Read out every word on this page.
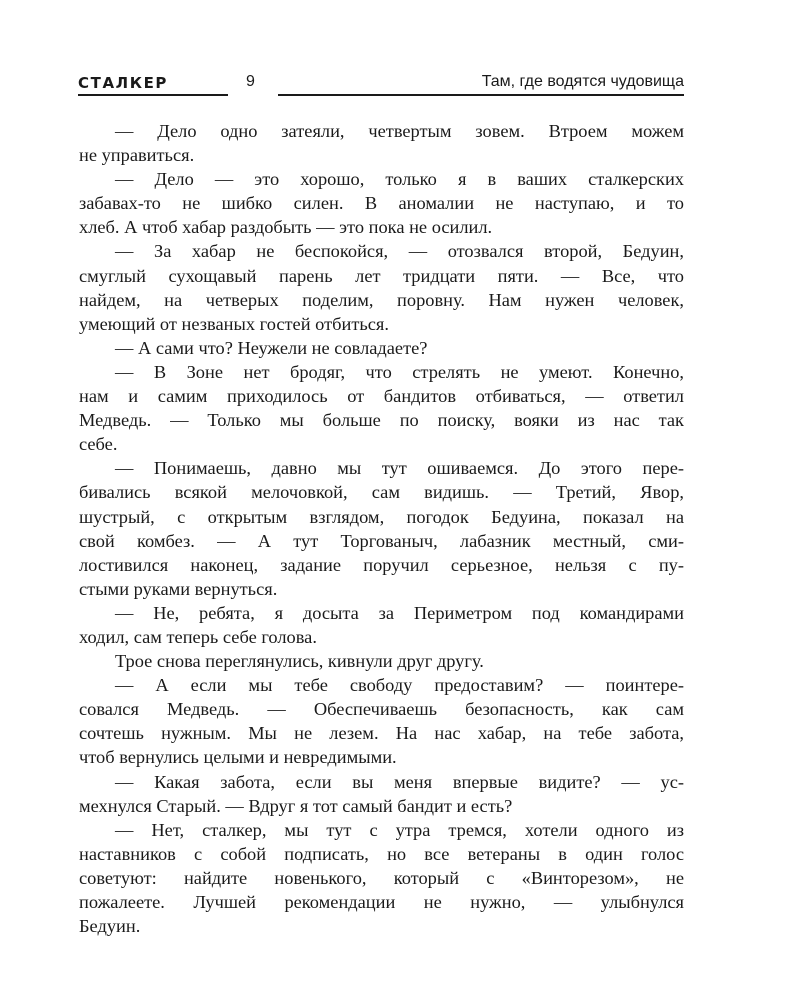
СТАЛКЕР	9	Там, где водятся чудовища
— Дело одно затеяли, четвертым зовем. Втроем можем
не управиться.
— Дело — это хорошо, только я в ваших сталкерских
забавах-то не шибко силен. В аномалии не наступаю, и то
хлеб. А чтоб хабар раздобыть — это пока не осилил.
— За хабар не беспокойся, — отозвался второй, Бедуин,
смуглый сухощавый парень лет тридцати пяти. — Все, что
найдем, на четверых поделим, поровну. Нам нужен человек,
умеющий от незваных гостей отбиться.
— А сами что? Неужели не совладаете?
— В Зоне нет бродяг, что стрелять не умеют. Конечно,
нам и самим приходилось от бандитов отбиваться, — ответил
Медведь. — Только мы больше по поиску, вояки из нас так
себе.
— Понимаешь, давно мы тут ошиваемся. До этого пере-
бивались всякой мелочовкой, сам видишь. — Третий, Явор,
шустрый, с открытым взглядом, погодок Бедуина, показал на
свой комбез. — А тут Торгованыч, лабазник местный, сми-
лостивился наконец, задание поручил серьезное, нельзя с пу-
стыми руками вернуться.
— Не, ребята, я досыта за Периметром под командирами
ходил, сам теперь себе голова.
Трое снова переглянулись, кивнули друг другу.
— А если мы тебе свободу предоставим? — поинтере-
совался Медведь. — Обеспечиваешь безопасность, как сам
сочтешь нужным. Мы не лезем. На нас хабар, на тебе забота,
чтоб вернулись целыми и невредимыми.
— Какая забота, если вы меня впервые видите? — ус-
мехнулся Старый. — Вдруг я тот самый бандит и есть?
— Нет, сталкер, мы тут с утра тремся, хотели одного из
наставников с собой подписать, но все ветераны в один голос
советуют: найдите новенького, который с «Винторезом», не
пожалеете. Лучшей рекомендации не нужно, — улыбнулся
Бедуин.
